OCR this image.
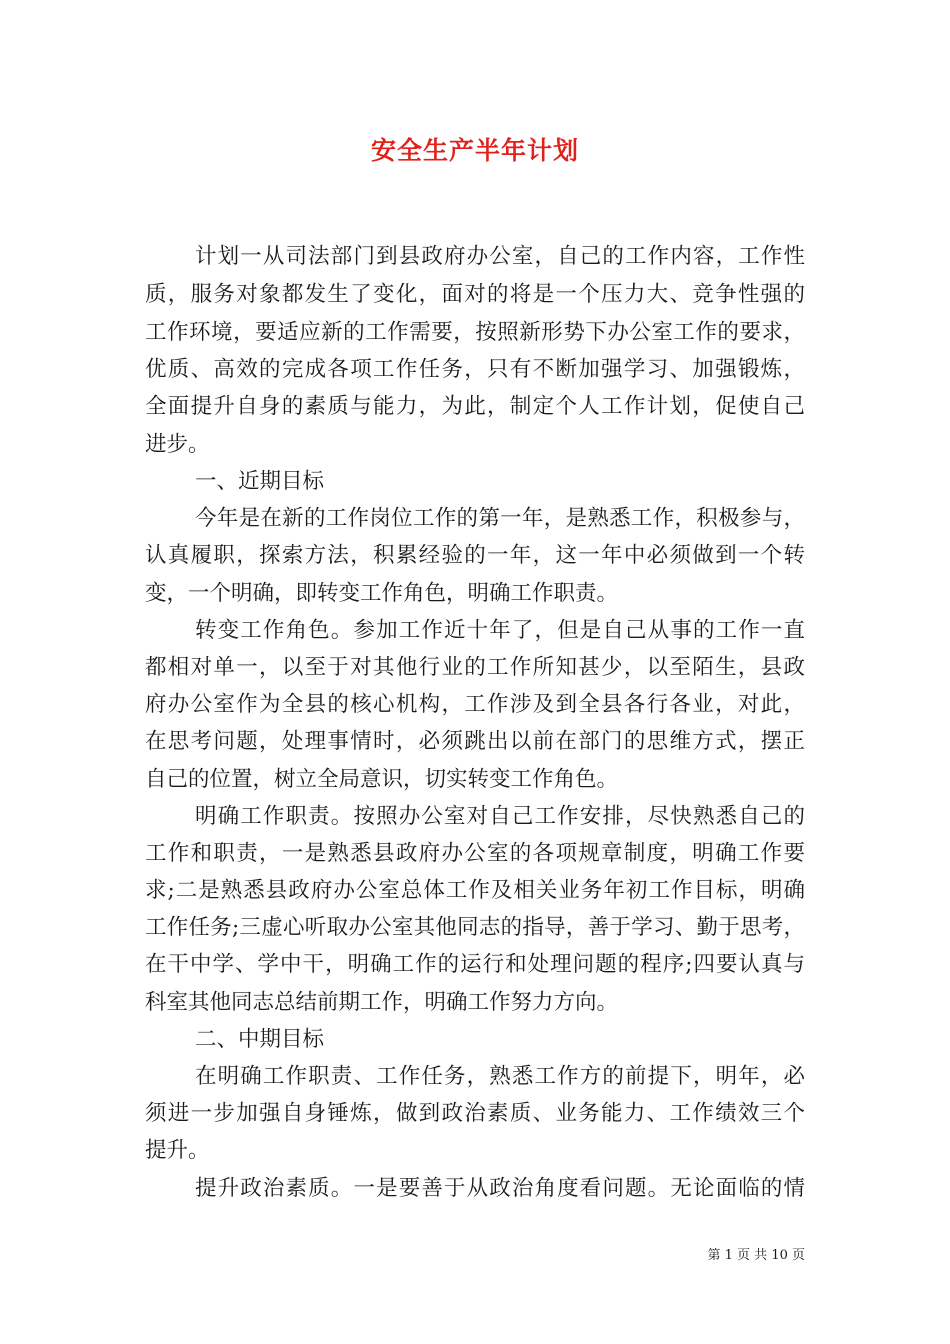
安全生产半年计划
计划一从司法部门到县政府办公室，自己的工作内容，工作性
质，服务对象都发生了变化，面对的将是一个压力大、竞争性强的
工作环境，要适应新的工作需要，按照新形势下办公室工作的要求，
优质、高效的完成各项工作任务，只有不断加强学习、加强锻炼，
全面提升自身的素质与能力，为此，制定个人工作计划，促使自己
进步。
一、近期目标
今年是在新的工作岗位工作的第一年，是熟悉工作，积极参与，
认真履职，探索方法，积累经验的一年，这一年中必须做到一个转
变，一个明确，即转变工作角色，明确工作职责。
转变工作角色。参加工作近十年了，但是自己从事的工作一直
都相对单一，以至于对其他行业的工作所知甚少，以至陌生，县政
府办公室作为全县的核心机构，工作涉及到全县各行各业，对此，
在思考问题，处理事情时，必须跳出以前在部门的思维方式，摆正
自己的位置，树立全局意识，切实转变工作角色。
明确工作职责。按照办公室对自己工作安排，尽快熟悉自己的
工作和职责，一是熟悉县政府办公室的各项规章制度，明确工作要
求;二是熟悉县政府办公室总体工作及相关业务年初工作目标，明确
工作任务;三虚心听取办公室其他同志的指导，善于学习、勤于思考，
在干中学、学中干，明确工作的运行和处理问题的程序;四要认真与
科室其他同志总结前期工作，明确工作努力方向。
二、中期目标
在明确工作职责、工作任务，熟悉工作方的前提下，明年，必
须进一步加强自身锤炼，做到政治素质、业务能力、工作绩效三个
提升。
提升政治素质。一是要善于从政治角度看问题。无论面临的情
第 1 页 共 10 页
